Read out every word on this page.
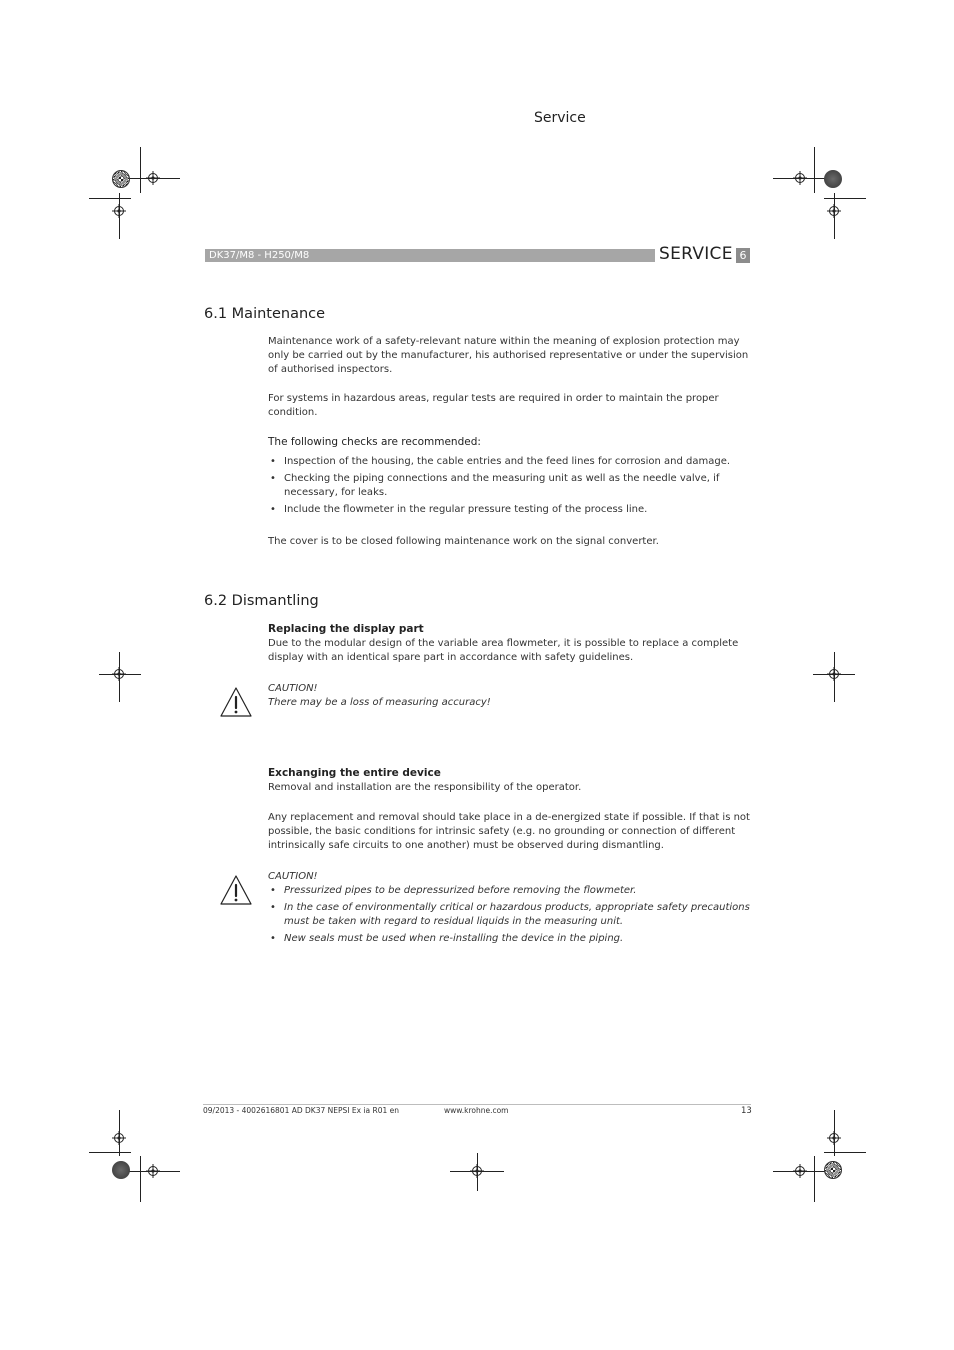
Service
DK37/M8 - H250/M8	SERVICE 6
6.1 Maintenance
Maintenance work of a safety-relevant nature within the meaning of explosion protection may
only be carried out by the manufacturer, his authorised representative or under the supervision
of authorised inspectors.
For systems in hazardous areas, regular tests are required in order to maintain the proper
condition.
The following checks are recommended:
• Inspection of the housing, the cable entries and the feed lines for corrosion and damage.
• Checking the piping connections and the measuring unit as well as the needle valve, if
necessary, for leaks.
• Include the flowmeter in the regular pressure testing of the process line.
The cover is to be closed following maintenance work on the signal converter.
6.2 Dismantling
Replacing the display part
Due to the modular design of the variable area flowmeter, it is possible to replace a complete
display with an identical spare part in accordance with safety guidelines.
CAUTION!
There may be a loss of measuring accuracy!
Exchanging the entire device
Removal and installation are the responsibility of the operator.
Any replacement and removal should take place in a de-energized state if possible. If that is not
possible, the basic conditions for intrinsic safety (e.g. no grounding or connection of different
intrinsically safe circuits to one another) must be observed during dismantling.
CAUTION!
• Pressurized pipes to be depressurized before removing the flowmeter.
• In the case of environmentally critical or hazardous products, appropriate safety precautions
must be taken with regard to residual liquids in the measuring unit.
• New seals must be used when re-installing the device in the piping.
09/2013 - 4002616801 AD DK37 NEPSI Ex ia R01 en	www.krohne.com	13
